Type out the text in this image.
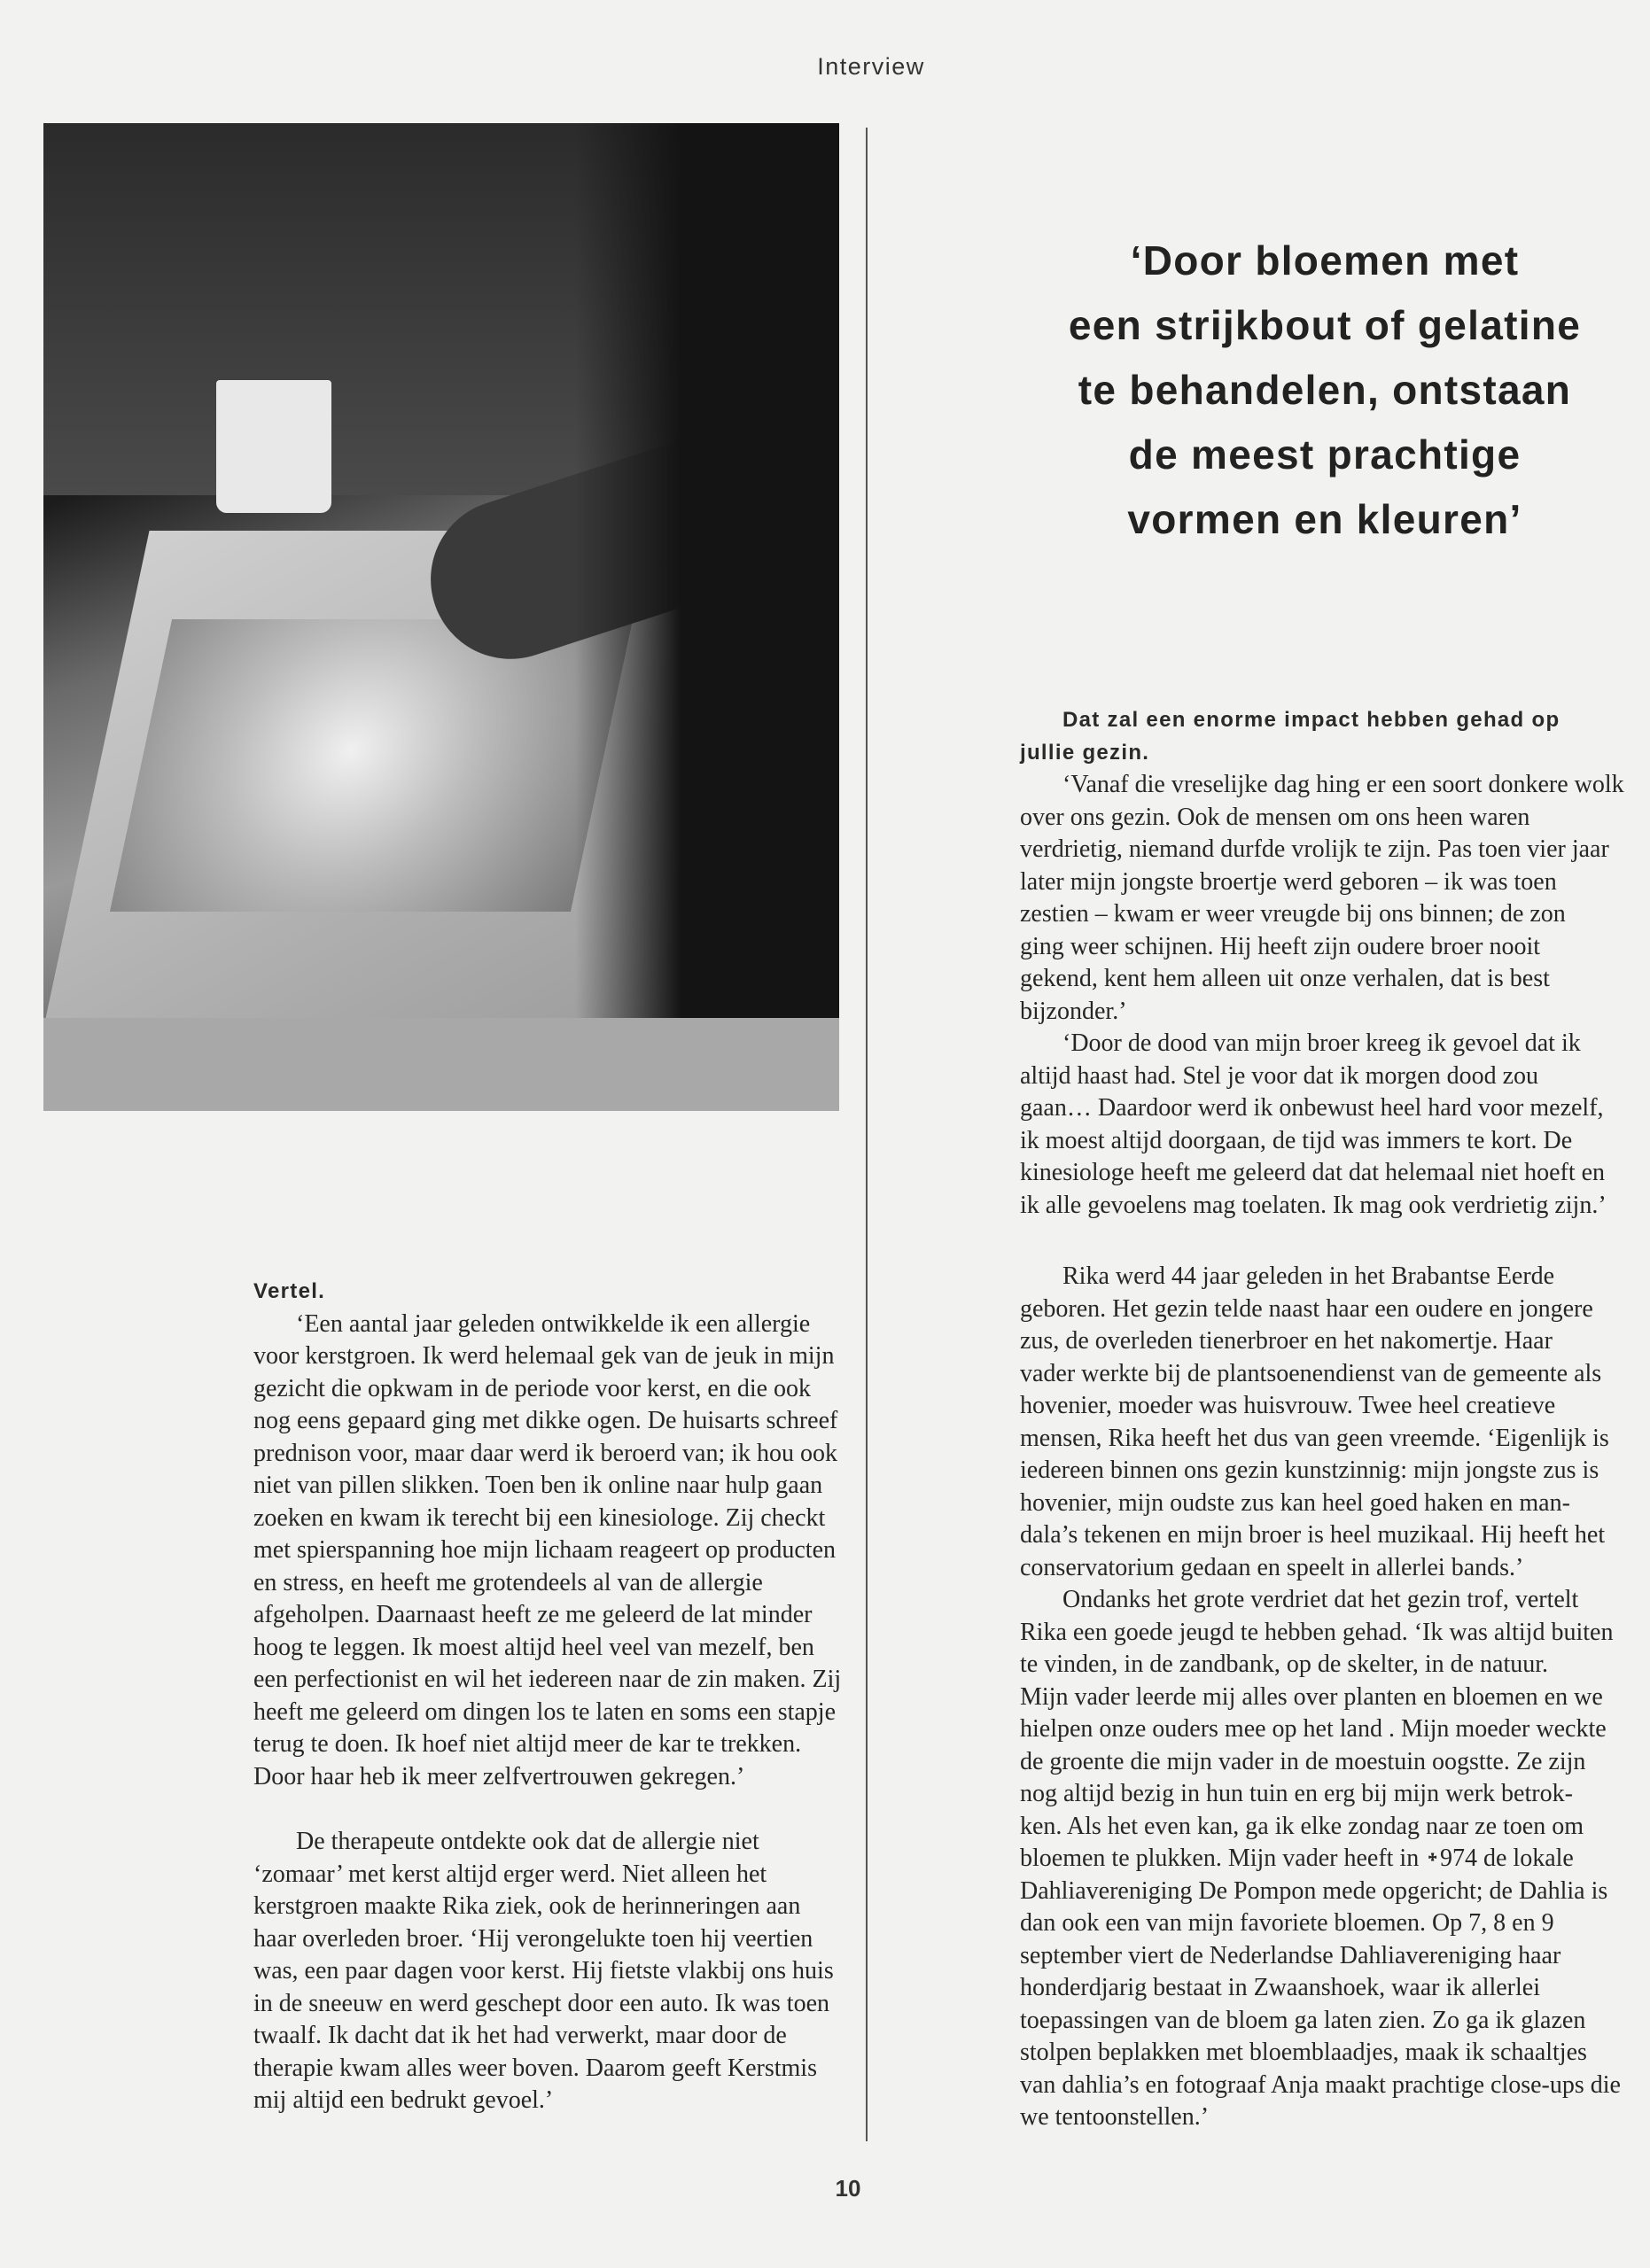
Interview
‘Door bloemen met
een strijkbout of gelatine
te behandelen, ontstaan
de meest prachtige
vormen en kleuren’
Vertel.
‘Een aantal jaar geleden ontwikkelde ik een allergie
voor kerstgroen. Ik werd helemaal gek van de jeuk in mijn
gezicht die opkwam in de periode voor kerst, en die ook
nog eens gepaard ging met dikke ogen. De huisarts schreef
prednison voor, maar daar werd ik beroerd van; ik hou ook
niet van pillen slikken. Toen ben ik online naar hulp gaan
zoeken en kwam ik terecht bij een kinesiologe. Zij checkt
met spierspanning hoe mijn lichaam reageert op producten
en stress, en heeft me grotendeels al van de allergie
afgeholpen. Daarnaast heeft ze me geleerd de lat minder
hoog te leggen. Ik moest altijd heel veel van mezelf, ben
een perfectionist en wil het iedereen naar de zin maken. Zij
heeft me geleerd om dingen los te laten en soms een stapje
terug te doen. Ik hoef niet altijd meer de kar te trekken.
Door haar heb ik meer zelfvertrouwen gekregen.’
De therapeute ontdekte ook dat de allergie niet
‘zomaar’ met kerst altijd erger werd. Niet alleen het
kerstgroen maakte Rika ziek, ook de herinneringen aan
haar overleden broer. ‘Hij verongelukte toen hij veertien
was, een paar dagen voor kerst. Hij fietste vlakbij ons huis
in de sneeuw en werd geschept door een auto. Ik was toen
twaalf. Ik dacht dat ik het had verwerkt, maar door de
therapie kwam alles weer boven. Daarom geeft Kerstmis
mij altijd een bedrukt gevoel.’
Dat zal een enorme impact hebben gehad op
jullie gezin.
‘Vanaf die vreselijke dag hing er een soort donkere wolk
over ons gezin. Ook de mensen om ons heen waren
verdrietig, niemand durfde vrolijk te zijn. Pas toen vier jaar
later mijn jongste broertje werd geboren – ik was toen
zestien – kwam er weer vreugde bij ons binnen; de zon
ging weer schijnen. Hij heeft zijn oudere broer nooit
gekend, kent hem alleen uit onze verhalen, dat is best
bijzonder.’
‘Door de dood van mijn broer kreeg ik gevoel dat ik
altijd haast had. Stel je voor dat ik morgen dood zou
gaan… Daardoor werd ik onbewust heel hard voor mezelf,
ik moest altijd doorgaan, de tijd was immers te kort. De
kinesiologe heeft me geleerd dat dat helemaal niet hoeft en
ik alle gevoelens mag toelaten. Ik mag ook verdrietig zijn.’
Rika werd 44 jaar geleden in het Brabantse Eerde
geboren. Het gezin telde naast haar een oudere en jongere
zus, de overleden tienerbroer en het nakomertje. Haar
vader werkte bij de plantsoenendienst van de gemeente als
hovenier, moeder was huisvrouw. Twee heel creatieve
mensen, Rika heeft het dus van geen vreemde. ‘Eigenlijk is
iedereen binnen ons gezin kunstzinnig: mijn jongste zus is
hovenier, mijn oudste zus kan heel goed haken en man-
dala’s tekenen en mijn broer is heel muzikaal. Hij heeft het
conservatorium gedaan en speelt in allerlei bands.’
Ondanks het grote verdriet dat het gezin trof, vertelt
Rika een goede jeugd te hebben gehad. ‘Ik was altijd buiten
te vinden, in de zandbank, op de skelter, in de natuur.
Mijn vader leerde mij alles over planten en bloemen en we
hielpen onze ouders mee op het land . Mijn moeder weckte
de groente die mijn vader in de moestuin oogstte. Ze zijn
nog altijd bezig in hun tuin en erg bij mijn werk betrok-
ken. Als het even kan, ga ik elke zondag naar ze toen om
bloemen te plukken. Mijn vader heeft in ᛭974 de lokale
Dahliavereniging De Pompon mede opgericht; de Dahlia is
dan ook een van mijn favoriete bloemen. Op 7, 8 en 9
september viert de Nederlandse Dahliavereniging haar
honderdjarig bestaat in Zwaanshoek, waar ik allerlei
toepassingen van de bloem ga laten zien. Zo ga ik glazen
stolpen beplakken met bloemblaadjes, maak ik schaaltjes
van dahlia’s en fotograaf Anja maakt prachtige close-ups die
we tentoonstellen.’
10
